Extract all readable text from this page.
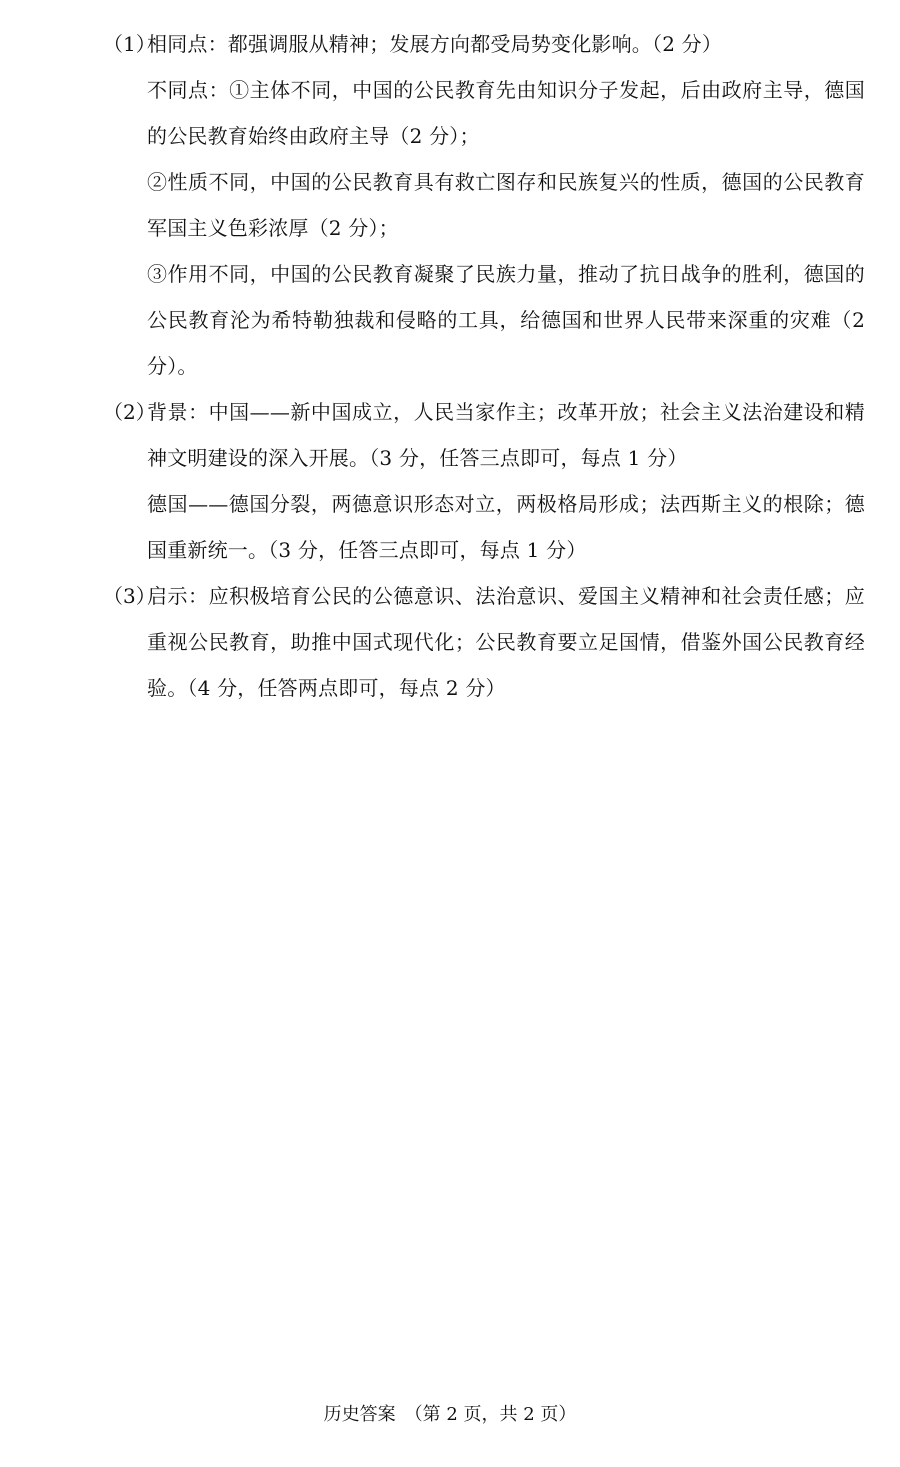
（1）
相同点：都强调服从精神；发展方向都受局势变化影响。（2 分）
不同点：①主体不同，中国的公民教育先由知识分子发起，后由政府主导，德国
的公民教育始终由政府主导（2 分）；
②性质不同，中国的公民教育具有救亡图存和民族复兴的性质，德国的公民教育
军国主义色彩浓厚（2 分）；
③作用不同，中国的公民教育凝聚了民族力量，推动了抗日战争的胜利，德国的
公民教育沦为希特勒独裁和侵略的工具，给德国和世界人民带来深重的灾难（2
分）。
（2）
背景：中国——新中国成立，人民当家作主；改革开放；社会主义法治建设和精
神文明建设的深入开展。（3 分，任答三点即可，每点 1 分）
德国——德国分裂，两德意识形态对立，两极格局形成；法西斯主义的根除；德
国重新统一。（3 分，任答三点即可，每点 1 分）
（3）
启示：应积极培育公民的公德意识、法治意识、爱国主义精神和社会责任感；应
重视公民教育，助推中国式现代化；公民教育要立足国情，借鉴外国公民教育经
验。（4 分，任答两点即可，每点 2 分）
历史答案　（第 2 页，共 2 页）
